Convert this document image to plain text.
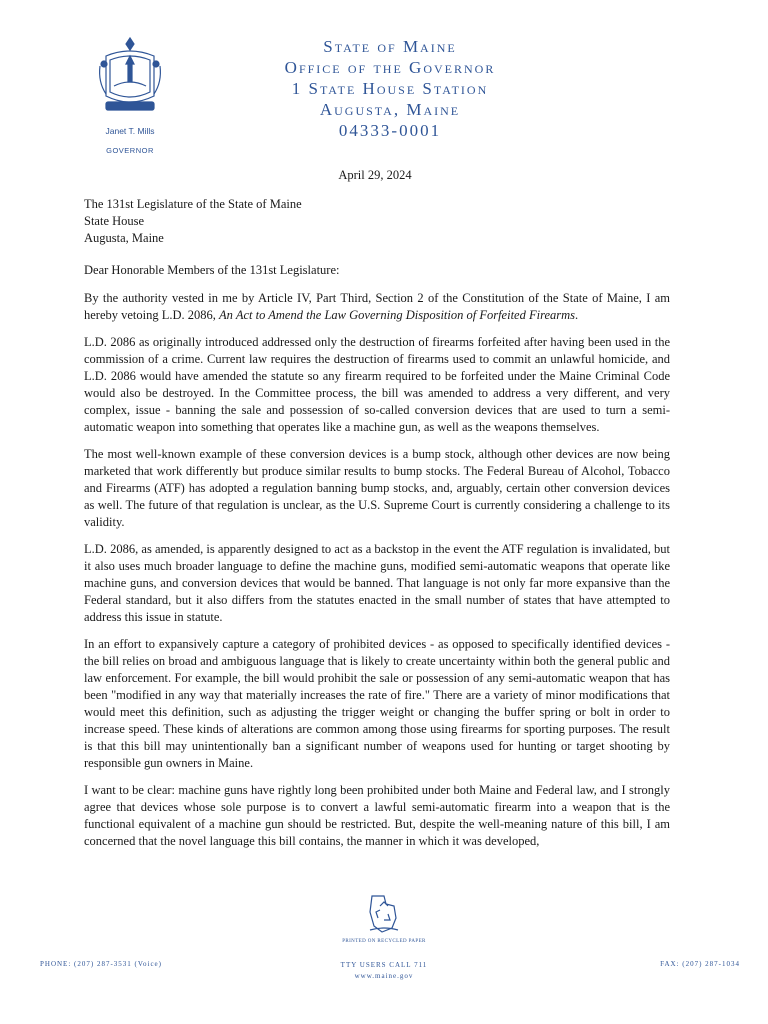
Janet T. Mills
GOVERNOR
State of Maine
Office of the Governor
1 State House Station
Augusta, Maine
04333-0001
April 29, 2024
The 131st Legislature of the State of Maine
State House
Augusta, Maine
Dear Honorable Members of the 131st Legislature:

By the authority vested in me by Article IV, Part Third, Section 2 of the Constitution of the State of Maine, I am hereby vetoing L.D. 2086, An Act to Amend the Law Governing Disposition of Forfeited Firearms.

L.D. 2086 as originally introduced addressed only the destruction of firearms forfeited after having been used in the commission of a crime. Current law requires the destruction of firearms used to commit an unlawful homicide, and L.D. 2086 would have amended the statute so any firearm required to be forfeited under the Maine Criminal Code would also be destroyed. In the Committee process, the bill was amended to address a very different, and very complex, issue - banning the sale and possession of so-called conversion devices that are used to turn a semi-automatic weapon into something that operates like a machine gun, as well as the weapons themselves.

The most well-known example of these conversion devices is a bump stock, although other devices are now being marketed that work differently but produce similar results to bump stocks. The Federal Bureau of Alcohol, Tobacco and Firearms (ATF) has adopted a regulation banning bump stocks, and, arguably, certain other conversion devices as well. The future of that regulation is unclear, as the U.S. Supreme Court is currently considering a challenge to its validity.

L.D. 2086, as amended, is apparently designed to act as a backstop in the event the ATF regulation is invalidated, but it also uses much broader language to define the machine guns, modified semi-automatic weapons that operate like machine guns, and conversion devices that would be banned. That language is not only far more expansive than the Federal standard, but it also differs from the statutes enacted in the small number of states that have attempted to address this issue in statute.

In an effort to expansively capture a category of prohibited devices - as opposed to specifically identified devices - the bill relies on broad and ambiguous language that is likely to create uncertainty within both the general public and law enforcement. For example, the bill would prohibit the sale or possession of any semi-automatic weapon that has been "modified in any way that materially increases the rate of fire." There are a variety of minor modifications that would meet this definition, such as adjusting the trigger weight or changing the buffer spring or bolt in order to increase speed. These kinds of alterations are common among those using firearms for sporting purposes. The result is that this bill may unintentionally ban a significant number of weapons used for hunting or target shooting by responsible gun owners in Maine.

I want to be clear: machine guns have rightly long been prohibited under both Maine and Federal law, and I strongly agree that devices whose sole purpose is to convert a lawful semi-automatic firearm into a weapon that is the functional equivalent of a machine gun should be restricted. But, despite the well-meaning nature of this bill, I am concerned that the novel language this bill contains, the manner in which it was developed,

PRINTED ON RECYCLED PAPER
PHONE: (207) 287-3531 (Voice)	TTY USERS CALL 711
www.maine.gov
FAX: (207) 287-1034
